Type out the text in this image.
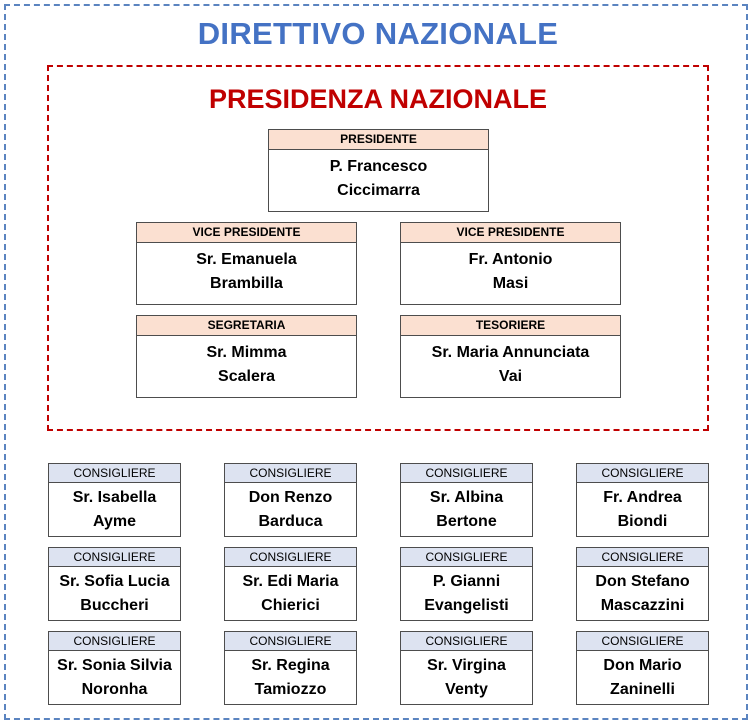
DIRETTIVO NAZIONALE
PRESIDENZA NAZIONALE
PRESIDENTE
P. Francesco
Ciccimarra
VICE PRESIDENTE
Sr. Emanuela
Brambilla
VICE PRESIDENTE
Fr. Antonio
Masi
SEGRETARIA
Sr. Mimma
Scalera
TESORIERE
Sr. Maria Annunciata
Vai
CONSIGLIERE
Sr. Isabella
Ayme
CONSIGLIERE
Don Renzo
Barduca
CONSIGLIERE
Sr. Albina
Bertone
CONSIGLIERE
Fr. Andrea
Biondi
CONSIGLIERE
Sr. Sofia Lucia
Buccheri
CONSIGLIERE
Sr. Edi Maria
Chierici
CONSIGLIERE
P. Gianni
Evangelisti
CONSIGLIERE
Don Stefano
Mascazzini
CONSIGLIERE
Sr. Sonia Silvia
Noronha
CONSIGLIERE
Sr. Regina
Tamiozzo
CONSIGLIERE
Sr. Virgina
Venty
CONSIGLIERE
Don Mario
Zaninelli
